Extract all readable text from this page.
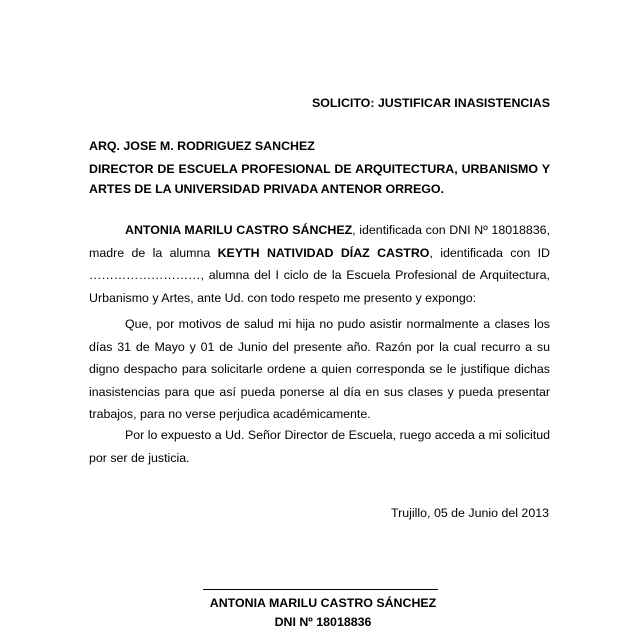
SOLICITO: JUSTIFICAR INASISTENCIAS
ARQ. JOSE M. RODRIGUEZ SANCHEZ
DIRECTOR DE ESCUELA PROFESIONAL DE ARQUITECTURA, URBANISMO Y ARTES DE LA UNIVERSIDAD PRIVADA ANTENOR ORREGO.

ANTONIA MARILU CASTRO SÁNCHEZ, identificada con DNI Nº 18018836, madre de la alumna KEYTH NATIVIDAD DÍAZ CASTRO, identificada con ID ………………………, alumna del I ciclo de la Escuela Profesional de Arquitectura, Urbanismo y Artes, ante Ud. con todo respeto me presento y expongo:

Que, por motivos de salud mi hija no pudo asistir normalmente a clases los días 31 de Mayo y 01 de Junio del presente año. Razón por la cual recurro a su digno despacho para solicitarle ordene a quien corresponda se le justifique dichas inasistencias para que así pueda ponerse al día en sus clases y pueda presentar trabajos, para no verse perjudica académicamente.

Por lo expuesto a Ud. Señor Director de Escuela, ruego acceda a mi solicitud por ser de justicia.

Trujillo, 05 de Junio del 2013
ANTONIA MARILU CASTRO SÁNCHEZ
DNI Nº 18018836
